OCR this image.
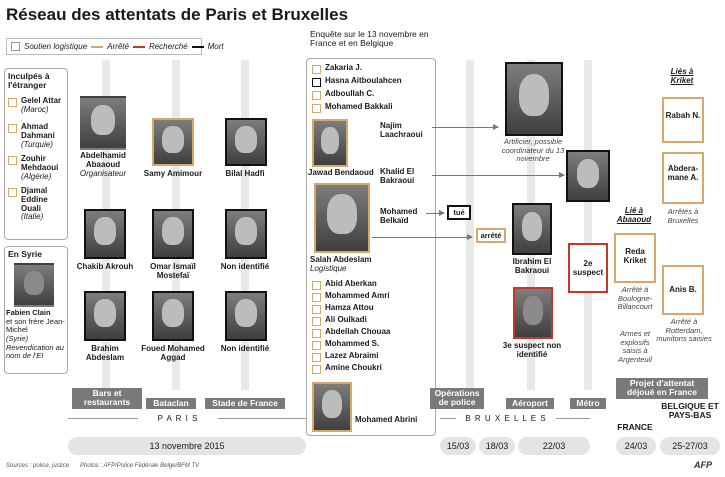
Réseau des attentats de Paris et Bruxelles
Soutien logistique	Arrêté	Recherché	Mort
Inculpés à l'étranger
Gelel Attar
(Maroc)
Ahmad Dahmani
(Turquie)
Zouhir Mehdaoui
(Algérie)
Djamal Eddine Ouali
(Italie)
En Syrie
Fabien Clain
et son frère Jean-Michel
(Syrie) Revendication au nom de l'EI
Abdelhamid Abaaoud
Organisateur	Samy Amimour	Bilal Hadfi
Chakib Akrouh	Omar Ismaïl Mostefaï
Non identifié
Brahim Abdeslam
Foued Mohamed Aggad
Non identifié
Bars et restaurants	Bataclan	Stade de France
Enquête sur le 13 novembre en France et en Belgique
Zakaria J.
Hasna Aitboulahcen
Adboullah C.
Mohamed Bakkali
Jawad Bendaoud
Salah Abdeslam
Logistique
Abid Aberkan
Mohammed Amri
Hamza Attou
Ali Oulkadi
Abdellah Chouaa
Mohammed S.
Lazez Abraimi
Amine Choukri
Mohamed Abrini
Najim Laachraoui
Khalid El Bakraoui
Mohamed Belkaïd
tué
arrêté
Artificier, possible coordinateur du 13 novembre
Ibrahim El Bakraoui
3e suspect non identifié
2e suspect
Liés à Kriket
Rabah N.
Abdera-mane A.
Arrêtés à Bruxelles
Lié à Abaaoud
Reda Kriket
Arrêté à Boulogne-Billancourt
Armes et explosifs saisis à Argenteuil
Anis B.
Arrêté à Rotterdam, munitons saisies
Opérations de police	Aéroport	Métro
Projet d'attentat déjoué en France
P A R I S
13 novembre 2015
B R U X E L L E S
15/03	18/03	22/03
FRANCE
24/03
BELGIQUE ET PAYS-BAS
25-27/03
Sources : police, justice Photos : AFP/Police Fédérale Belge/BFM TV	AFP
